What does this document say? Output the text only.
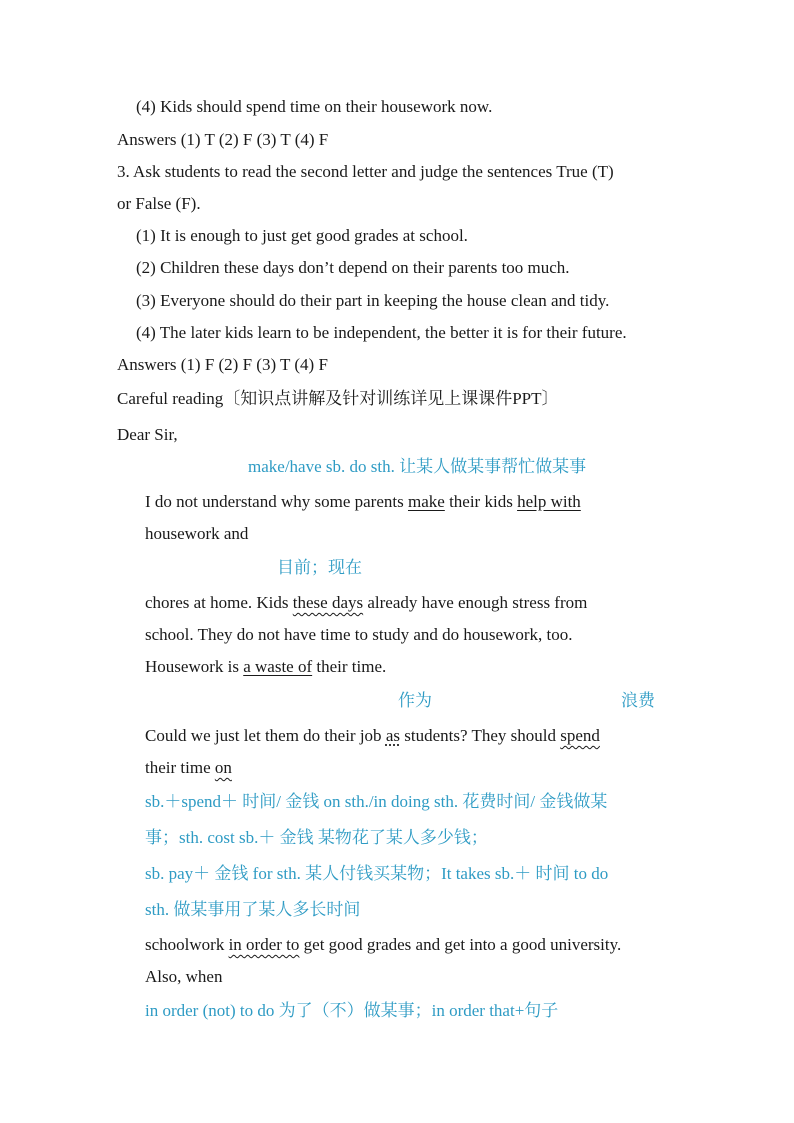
(4) Kids should spend time on their housework now.
Answers (1) T (2) F (3) T (4) F
3. Ask students to read the second letter and judge the sentences True (T)
or False (F).
(1) It is enough to just get good grades at school.
(2) Children these days don’t depend on their parents too much.
(3) Everyone should do their part in keeping the house clean and tidy.
(4) The later kids learn to be independent, the better it is for their future.
Answers (1) F (2) F (3) T (4) F
Careful reading〔知识点讲解及针对训练详见上课课件PPT〕
Dear Sir,
make/have sb. do sth. 让某人做某事帮忙做某事
I do not understand why some parents make their kids help with
housework and
目前；现在
chores at home. Kids these days already have enough stress from
school. They do not have time to study and do housework, too.
Housework is a waste of their time.
作为	浪费
Could we just let them do their job as students? They should spend
their time on
sb.＋spend＋ 时间/ 金钱 on sth./in doing sth. 花费时间/ 金钱做某
事；sth. cost sb.＋ 金钱 某物花了某人多少钱；
sb. pay＋ 金钱 for sth. 某人付钱买某物；It takes sb.＋ 时间 to do
sth. 做某事用了某人多长时间
schoolwork in order to get good grades and get into a good university.
Also, when
in order (not) to do 为了（不）做某事；in order that+句子
